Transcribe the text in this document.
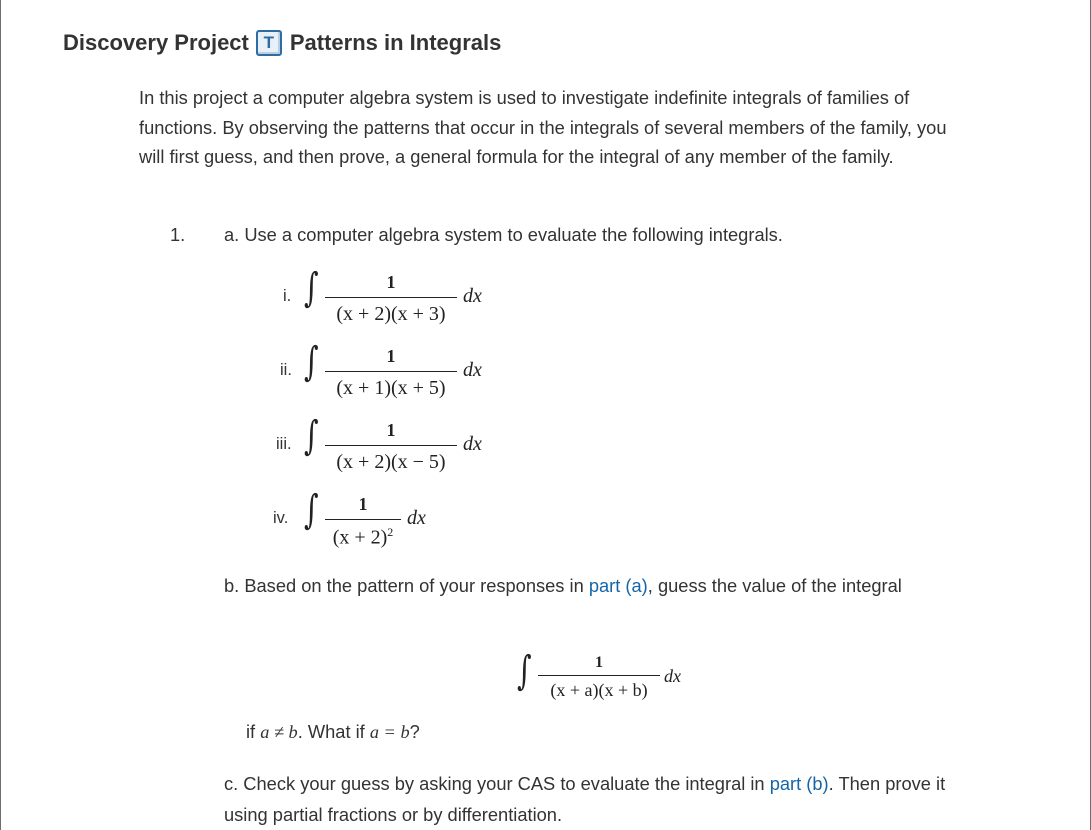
Discovery Project T Patterns in Integrals

In this project a computer algebra system is used to investigate indefinite integrals of families of functions. By observing the patterns that occur in the integrals of several members of the family, you will first guess, and then prove, a general formula for the integral of any member of the family.

1. a. Use a computer algebra system to evaluate the following integrals.
i. ∫	1
(x + 2)(x + 3)
dx
ii. ∫	1
(x + 1)(x + 5)
dx
iii. ∫	1
(x + 2)(x − 5)
dx
iv. ∫	1
$(x + 2)^2$
dx

b. Based on the pattern of your responses in part (a), guess the value of the integral

∫	1
(x + a)(x + b)
dx

if a ≠ b. What if a = b?

c. Check your guess by asking your CAS to evaluate the integral in part (b). Then prove it using partial fractions or by differentiation.
